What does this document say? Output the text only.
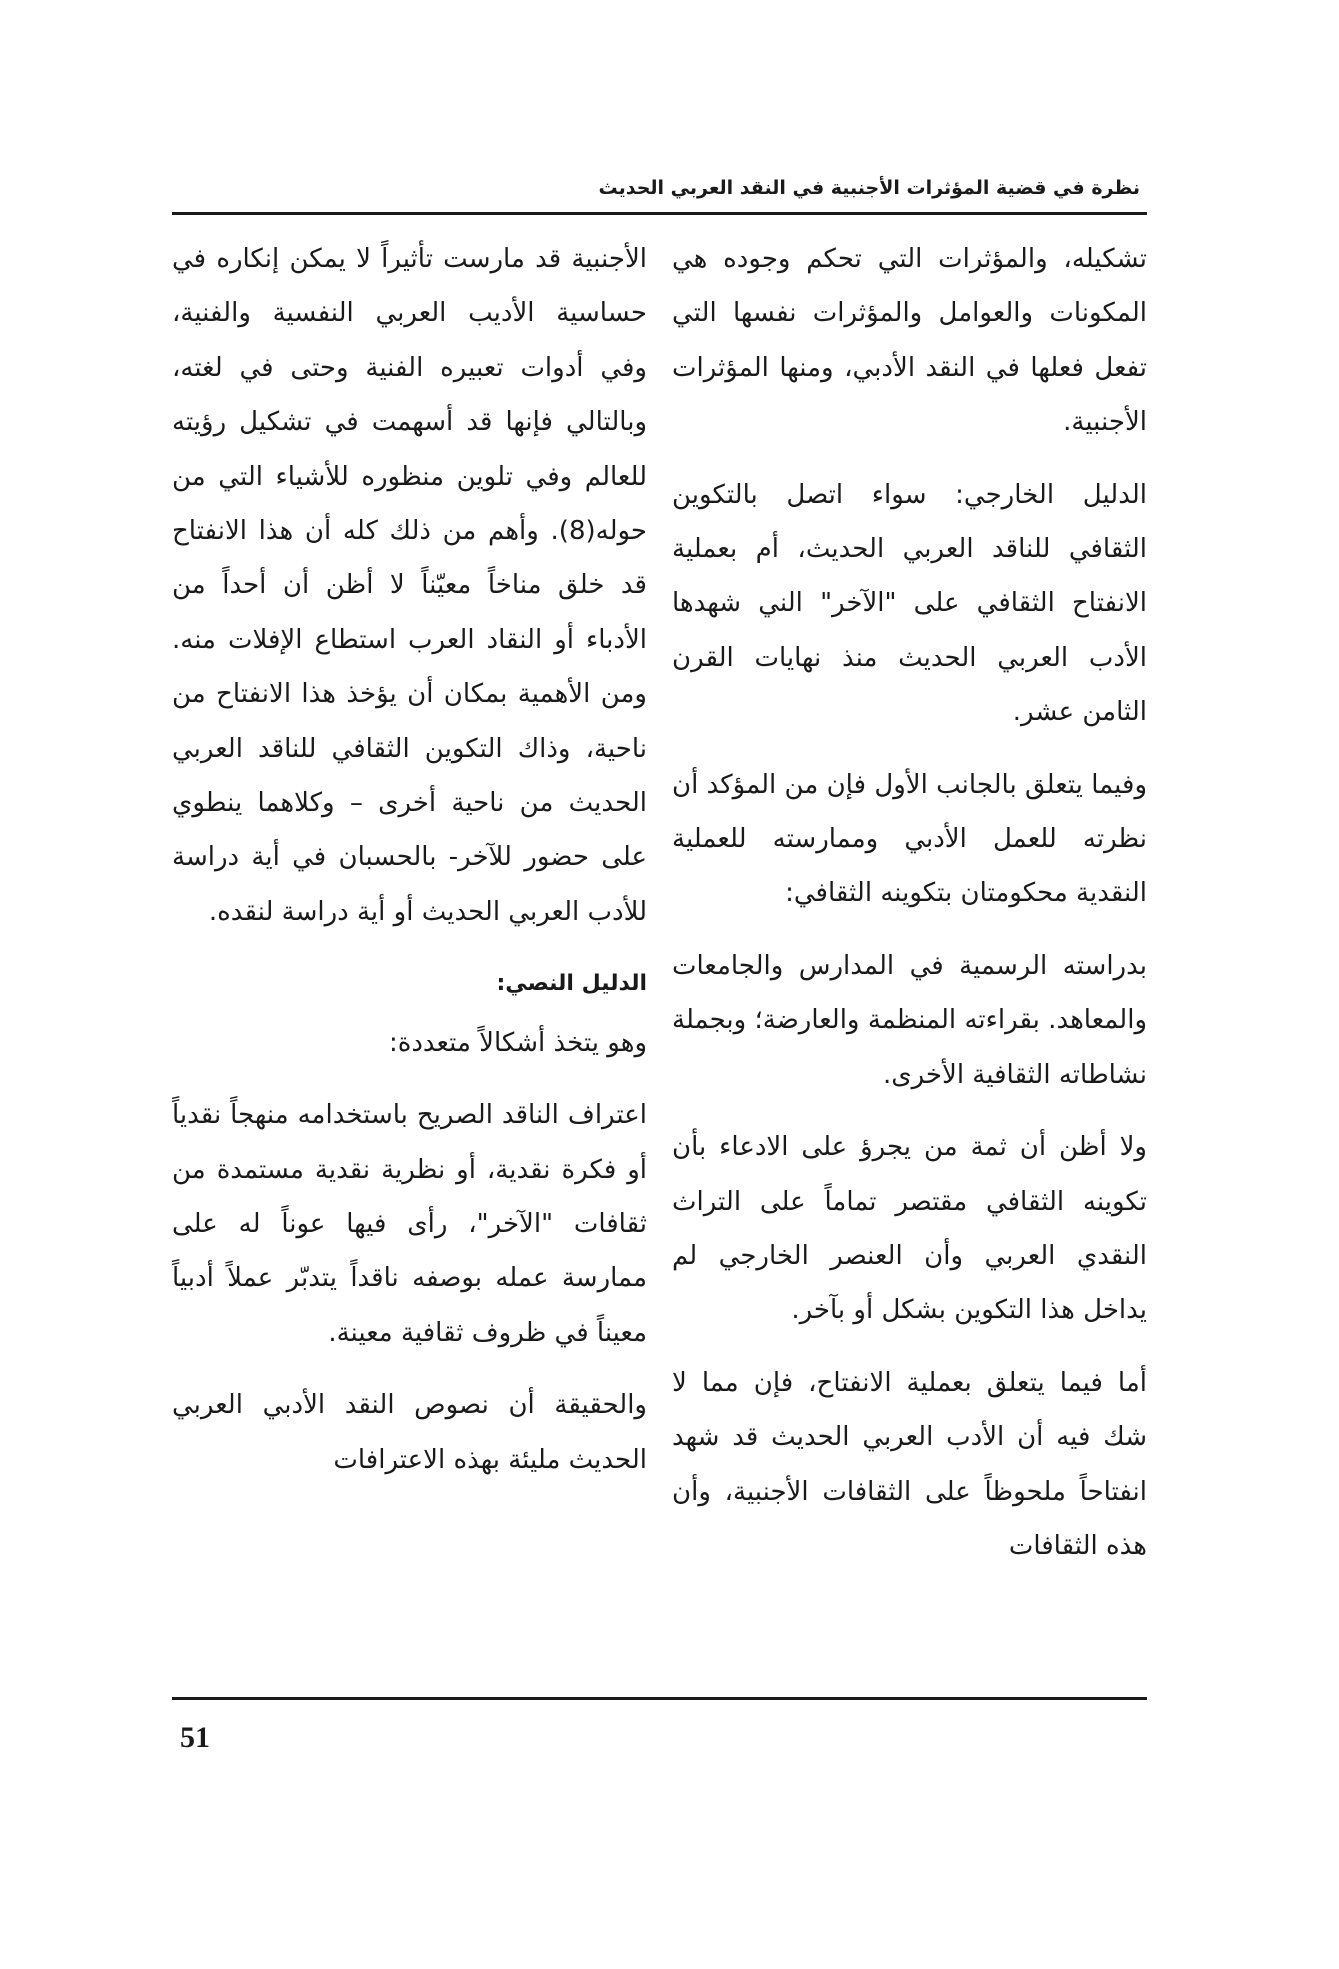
نظرة في قضية المؤثرات الأجنبية في النقد العربي الحديث

تشكيله، والمؤثرات التي تحكم وجوده هي المكونات والعوامل والمؤثرات نفسها التي تفعل فعلها في النقد الأدبي، ومنها المؤثرات الأجنبية.

الدليل الخارجي: سواء اتصل بالتكوين الثقافي للناقد العربي الحديث، أم بعملية الانفتاح الثقافي على "الآخر" الني شهدها الأدب العربي الحديث منذ نهايات القرن الثامن عشر.

وفيما يتعلق بالجانب الأول فإن من المؤكد أن نظرته للعمل الأدبي وممارسته للعملية النقدية محكومتان بتكوينه الثقافي:

بدراسته الرسمية في المدارس والجامعات والمعاهد. بقراءته المنظمة والعارضة؛ وبجملة نشاطاته الثقافية الأخرى.

ولا أظن أن ثمة من يجرؤ على الادعاء بأن تكوينه الثقافي مقتصر تماماً على التراث النقدي العربي وأن العنصر الخارجي لم يداخل هذا التكوين بشكل أو بآخر.

أما فيما يتعلق بعملية الانفتاح، فإن مما لا شك فيه أن الأدب العربي الحديث قد شهد انفتاحاً ملحوظاً على الثقافات الأجنبية، وأن هذه الثقافات

الأجنبية قد مارست تأثيراً لا يمكن إنكاره في حساسية الأديب العربي النفسية والفنية، وفي أدوات تعبيره الفنية وحتى في لغته، وبالتالي فإنها قد أسهمت في تشكيل رؤيته للعالم وفي تلوين منظوره للأشياء التي من حوله(8). وأهم من ذلك كله أن هذا الانفتاح قد خلق مناخاً معيّناً لا أظن أن أحداً من الأدباء أو النقاد العرب استطاع الإفلات منه. ومن الأهمية بمكان أن يؤخذ هذا الانفتاح من ناحية، وذاك التكوين الثقافي للناقد العربي الحديث من ناحية أخرى – وكلاهما ينطوي على حضور للآخر- بالحسبان في أية دراسة للأدب العربي الحديث أو أية دراسة لنقده.

الدليل النصي:

وهو يتخذ أشكالاً متعددة:

اعتراف الناقد الصريح باستخدامه منهجاً نقدياً أو فكرة نقدية، أو نظرية نقدية مستمدة من ثقافات "الآخر"، رأى فيها عوناً له على ممارسة عمله بوصفه ناقداً يتدبّر عملاً أدبياً معيناً في ظروف ثقافية معينة.

والحقيقة أن نصوص النقد الأدبي العربي الحديث مليئة بهذه الاعترافات

51
